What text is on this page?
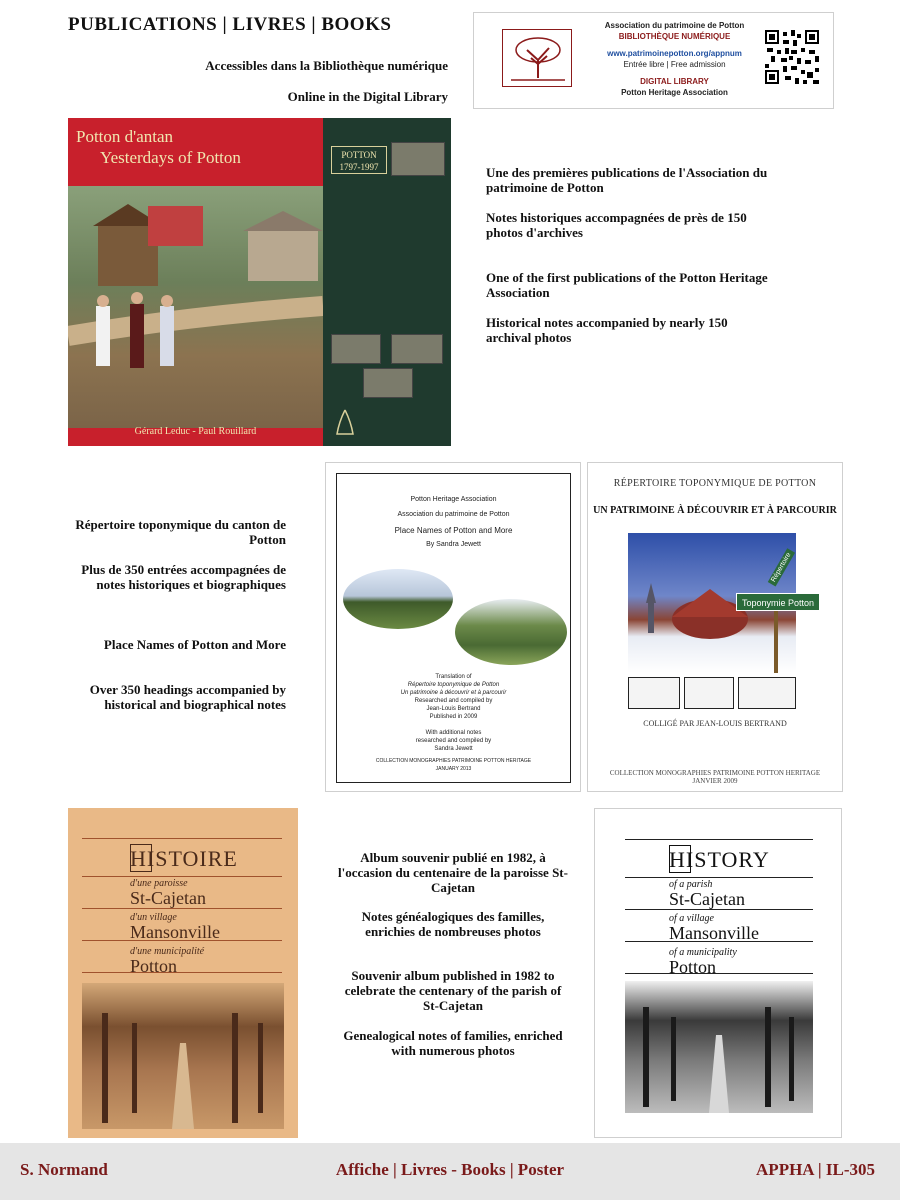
PUBLICATIONS | LIVRES | BOOKS
Accessibles dans la Bibliothèque numérique
Online in the Digital Library
Association du patrimoine de Potton
BIBLIOTHÈQUE NUMÉRIQUE
www.patrimoinepotton.org/appnum
Entrée libre | Free admission
DIGITAL LIBRARY
Potton Heritage Association
Potton d'antan
Yesterdays of Potton
Gérard Leduc - Paul Rouillard
POTTON
1797-1997	Une des premières publications de l'Association du patrimoine de Potton
Notes historiques accompagnées de près de 150 photos d'archives
One of the first publications of the Potton Heritage Association
Historical notes accompanied by nearly 150 archival photos
Répertoire toponymique du canton de Potton
Plus de 350 entrées accompagnées de notes historiques et biographiques
Place Names of Potton and More
Over 350 headings accompanied by historical and biographical notes
Potton Heritage Association
Association du patrimoine de Potton
Place Names of Potton and More
By Sandra Jewett
Translation of
Répertoire toponymique de Potton
Un patrimoine à découvrir et à parcourir
Researched and compiled by
Jean-Louis Bertrand
Published in 2009
With additional notes
researched and compiled by
Sandra Jewett
COLLECTION MONOGRAPHIES PATRIMOINE POTTON HERITAGE
JANUARY 2013
RÉPERTOIRE TOPONYMIQUE DE POTTON
UN PATRIMOINE À DÉCOUVRIR ET À PARCOURIR
Toponymie Potton
Répertoire
COLLIGÉ PAR JEAN-LOUIS BERTRAND
COLLECTION MONOGRAPHIES PATRIMOINE POTTON HERITAGE
JANVIER 2009
HISTOIRE
d'une paroisse
St-Cajetan
d'un village
Mansonville
d'une municipalité
Potton
Album souvenir publié en 1982, à l'occasion du centenaire de la paroisse St-Cajetan
Notes généalogiques des familles, enrichies de nombreuses photos
Souvenir album published in 1982 to celebrate the centenary of the parish of St-Cajetan
Genealogical notes of families, enriched with numerous photos
HISTORY
of a parish
St-Cajetan
of a village
Mansonville
of a municipality
Potton
S. Normand	Affiche | Livres - Books | Poster	APPHA | IL-305
